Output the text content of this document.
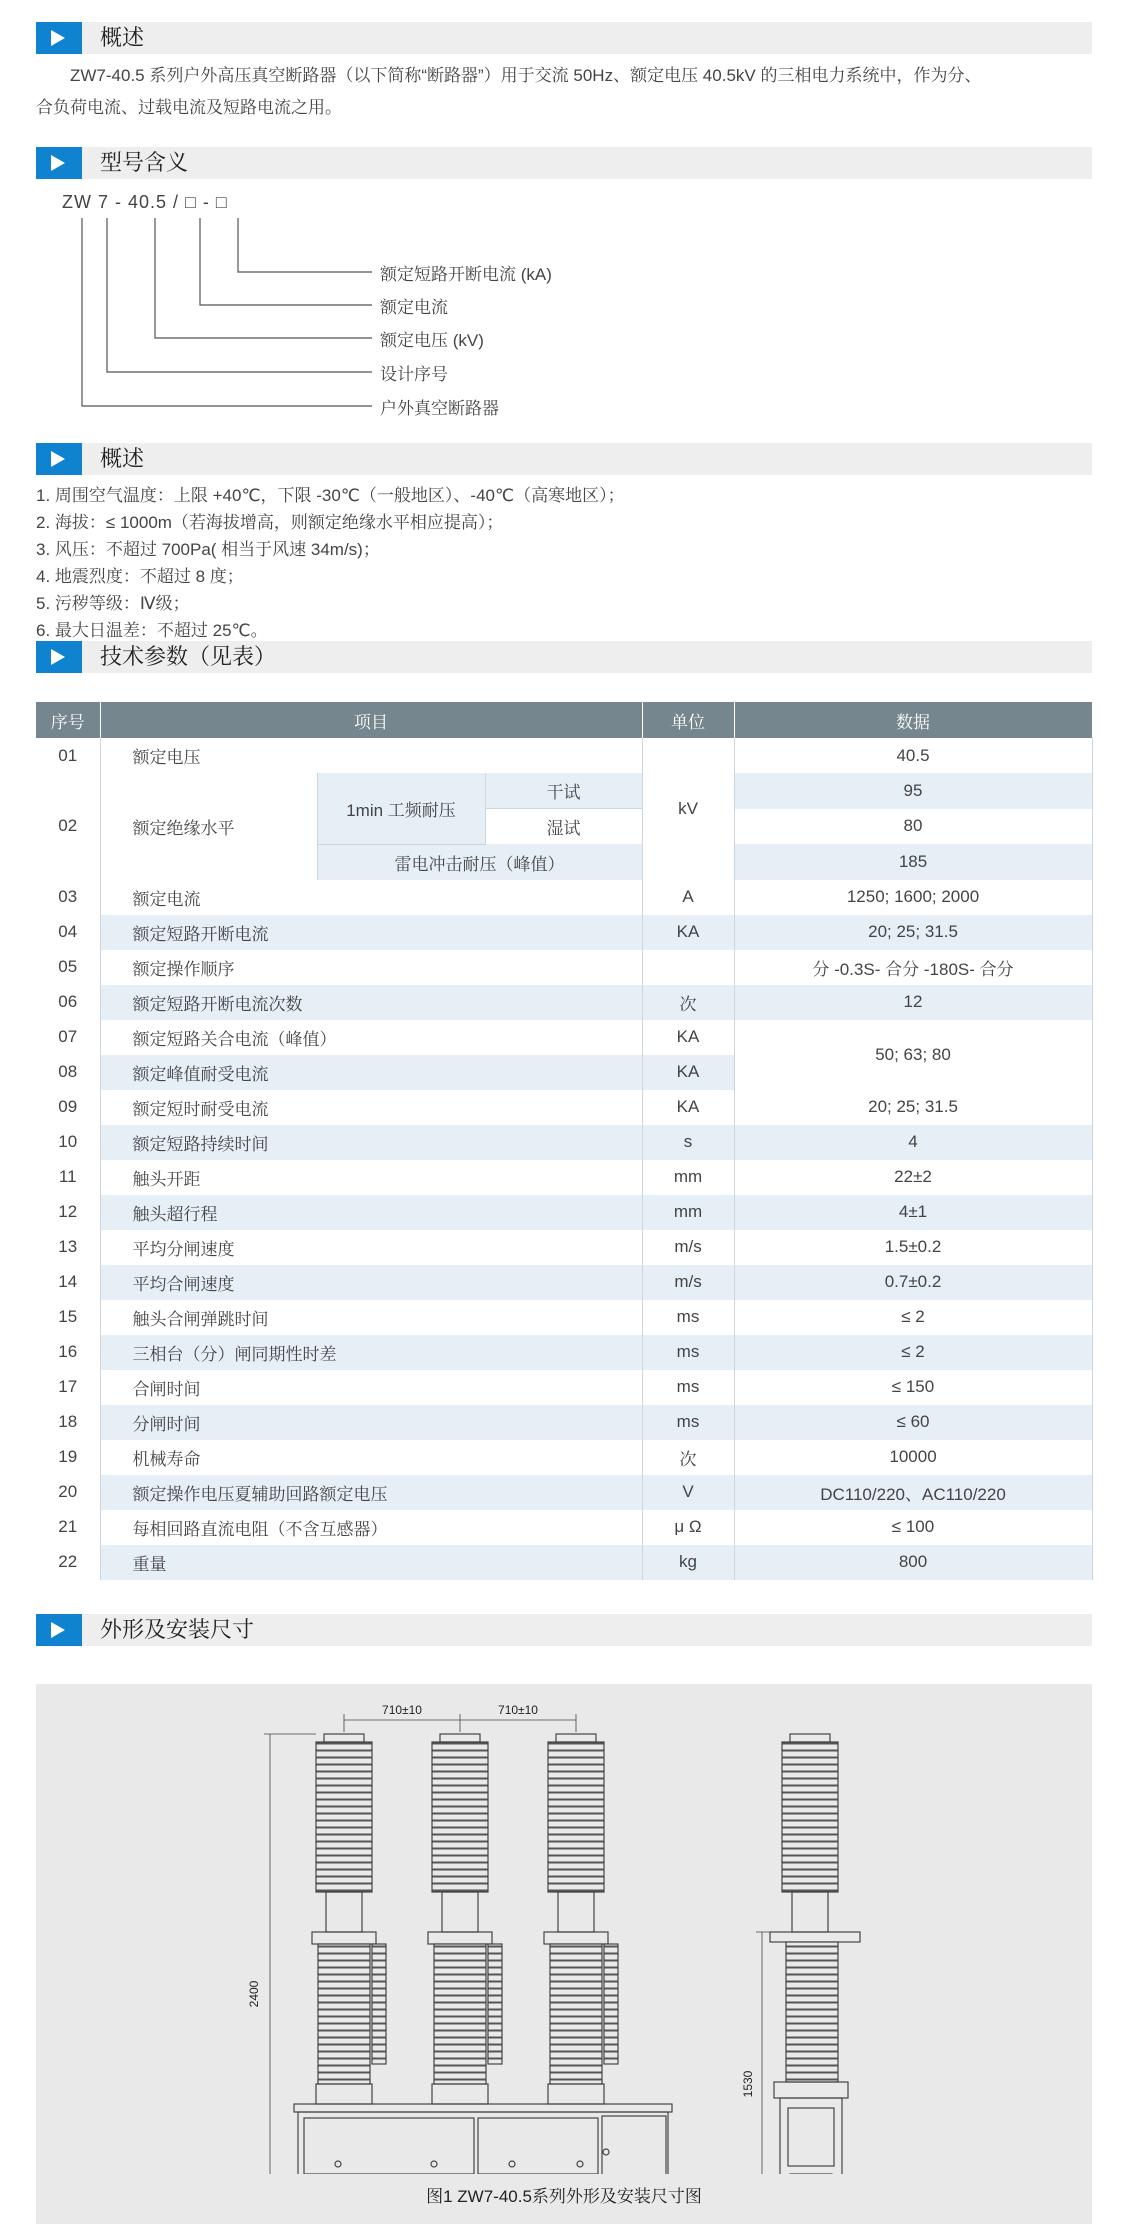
概述
ZW7-40.5 系列户外高压真空断路器（以下简称“断路器”）用于交流 50Hz、额定电压 40.5kV 的三相电力系统中，作为分、
合负荷电流、过载电流及短路电流之用。
型号含义
ZW 7 - 40.5 / □ - □
额定短路开断电流 (kA)
额定电流
额定电压 (kV)
设计序号
户外真空断路器
概述
1. 周围空气温度：上限 +40℃，下限 -30℃（一般地区）、-40℃（高寒地区）；
2. 海拔：≤ 1000m（若海拔增高，则额定绝缘水平相应提高）；
3. 风压：不超过 700Pa( 相当于风速 34m/s)；
4. 地震烈度：不超过 8 度；
5. 污秽等级：Ⅳ级；
6. 最大日温差：不超过 25℃。
技术参数（见表）
序号	项目			单位	数据
01	额定电压			kV	40.5
02	额定绝缘水平	1min 工频耐压	干试		95
			湿试		80
		雷电冲击耐压（峰值）			185
03	额定电流			A	1250; 1600; 2000
04	额定短路开断电流			KA	20; 25; 31.5
05	额定操作顺序				分 -0.3S- 合分 -180S- 合分
06	额定短路开断电流次数			次	12
07	额定短路关合电流（峰值）			KA	50; 63; 80
08	额定峰值耐受电流			KA	
09	额定短时耐受电流			KA	20; 25; 31.5
10	额定短路持续时间			s	4
11	触头开距			mm	22±2
12	触头超行程			mm	4±1
13	平均分闸速度			m/s	1.5±0.2
14	平均合闸速度			m/s	0.7±0.2
15	触头合闸弹跳时间			ms	≤ 2
16	三相台（分）闸同期性时差			ms	≤ 2
17	合闸时间			ms	≤ 150
18	分闸时间			ms	≤ 60
19	机械寿命			次	10000
20	额定操作电压夏辅助回路额定电压			V	DC110/220、AC110/220
21	每相回路直流电阻（不含互感器）			μ Ω	≤ 100
22	重量			kg	800
外形及安装尺寸
710±10	710±10
2400
1530
图1 ZW7-40.5系列外形及安装尺寸图
